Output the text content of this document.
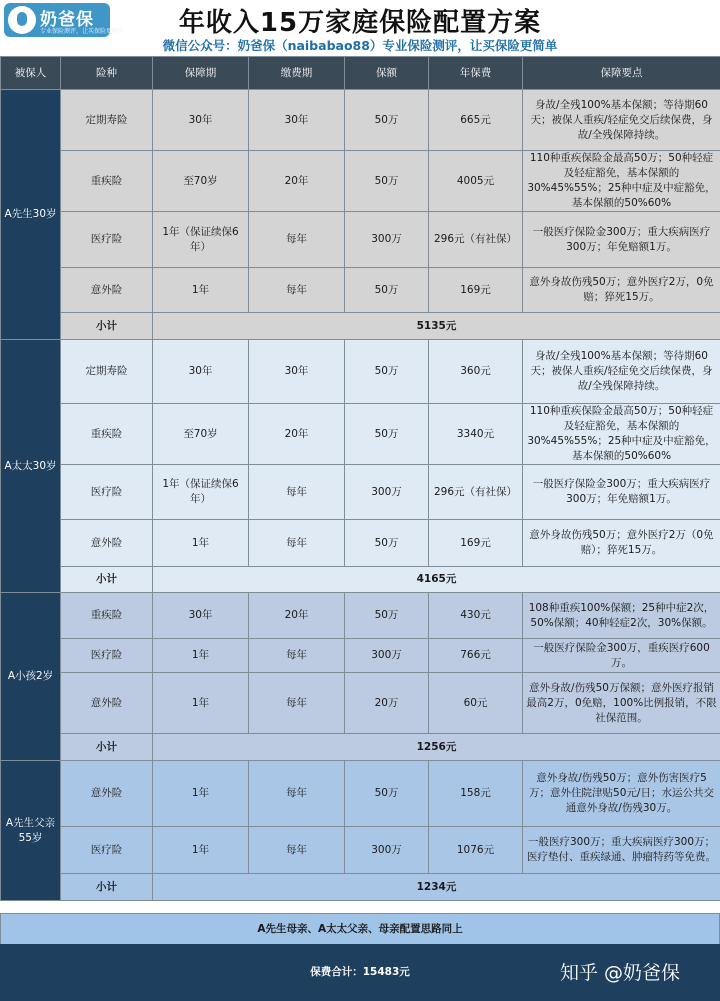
奶爸保
专业保险测评，让买保险更简单	年收入15万家庭保险配置方案
微信公众号：奶爸保（naibabao88）专业保险测评，让买保险更简单
被保人	险种	保障期	缴费期	保额	年保费	保障要点
A先生30岁	定期寿险	30年	30年	50万	665元	身故/全残100%基本保额；等待期60天；被保人重疾/轻症免交后续保费，身故/全残保障持续。
	重疾险	至70岁	20年	50万	4005元	110种重疾保险金最高50万；50种轻症及轻症豁免，基本保额的30%45%55%；25种中症及中症豁免，基本保额的50%60%
	医疗险	1年（保证续保6年）	每年	300万	296元（有社保）	一般医疗保险金300万；重大疾病医疗300万；年免赔额1万。
	意外险	1年	每年	50万	169元	意外身故伤残50万；意外医疗2万，0免赔；猝死15万。
	小计	5135元				
A太太30岁	定期寿险	30年	30年	50万	360元	身故/全残100%基本保额；等待期60天；被保人重疾/轻症免交后续保费，身故/全残保障持续。
	重疾险	至70岁	20年	50万	3340元	110种重疾保险金最高50万；50种轻症及轻症豁免，基本保额的30%45%55%；25种中症及中症豁免，基本保额的50%60%
	医疗险	1年（保证续保6年）	每年	300万	296元（有社保）	一般医疗保险金300万；重大疾病医疗300万；年免赔额1万。
	意外险	1年	每年	50万	169元	意外身故伤残50万；意外医疗2万（0免赔）；猝死15万。
	小计	4165元				
A小孩2岁	重疾险	30年	20年	50万	430元	108种重疾100%保额；25种中症2次，50%保额；40种轻症2次，30%保额。
	医疗险	1年	每年	300万	766元	一般医疗保险金300万，重疾医疗600万。
	意外险	1年	每年	20万	60元	意外身故/伤残50万保额；意外医疗报销最高2万，0免赔，100%比例报销，不限社保范围。
	小计	1256元				
A先生父亲55岁	意外险	1年	每年	50万	158元	意外身故/伤残50万；意外伤害医疗5万；意外住院津贴50元/日；水运公共交通意外身故/伤残30万。
	医疗险	1年	每年	300万	1076元	一般医疗300万；重大疾病医疗300万；医疗垫付、重疾绿通、肿瘤特药等免费。
	小计	1234元				
A先生母亲、A太太父亲、母亲配置思路同上
保费合计：15483元	知乎 @奶爸保
